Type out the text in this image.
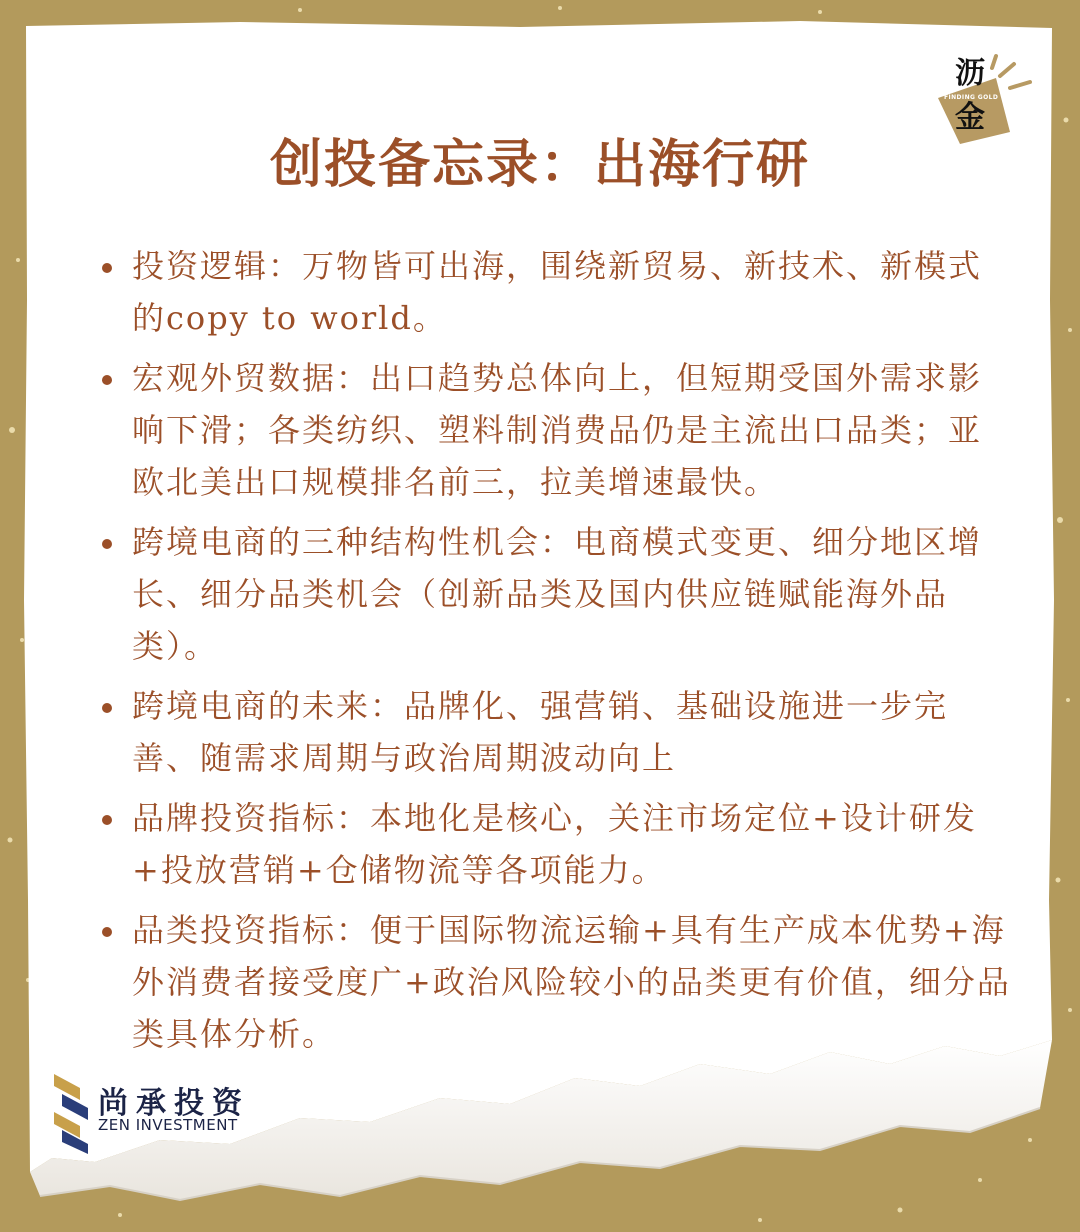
沥
FINDING GOLD
金
创投备忘录：出海行研
投资逻辑：万物皆可出海，围绕新贸易、新技术、新模式的copy to world。
宏观外贸数据：出口趋势总体向上，但短期受国外需求影响下滑；各类纺织、塑料制消费品仍是主流出口品类；亚欧北美出口规模排名前三，拉美增速最快。
跨境电商的三种结构性机会：电商模式变更、细分地区增长、细分品类机会（创新品类及国内供应链赋能海外品类）。
跨境电商的未来：品牌化、强营销、基础设施进一步完善、随需求周期与政治周期波动向上
品牌投资指标：本地化是核心，关注市场定位+设计研发+投放营销+仓储物流等各项能力。
品类投资指标：便于国际物流运输+具有生产成本优势+海外消费者接受度广+政治风险较小的品类更有价值，细分品类具体分析。
尚承投资
ZEN INVESTMENT
